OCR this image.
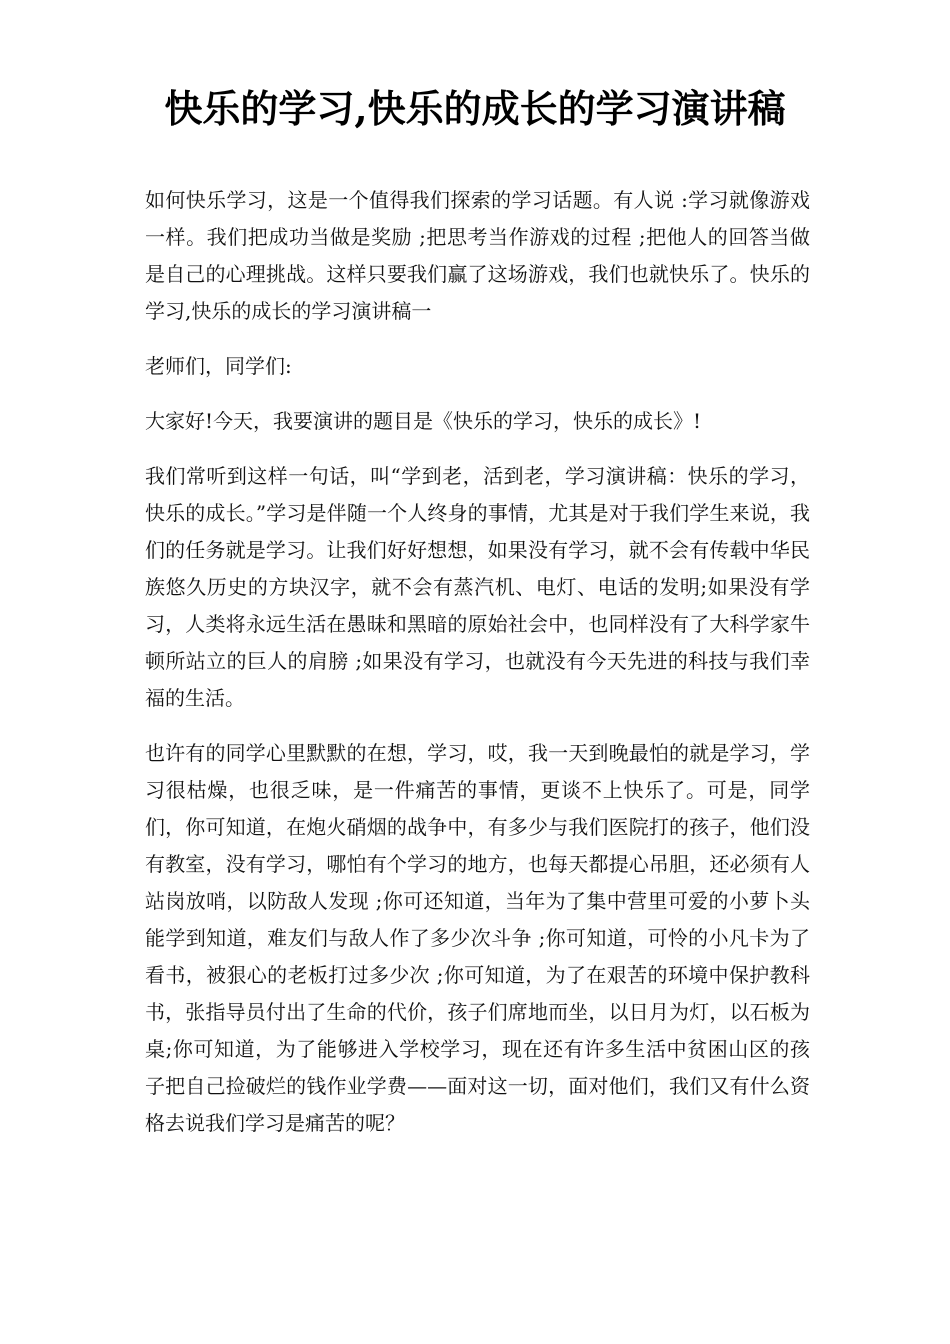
快乐的学习,快乐的成长的学习演讲稿

如何快乐学习，这是一个值得我们探索的学习话题。有人说 :学习就像游戏一样。我们把成功当做是奖励 ;把思考当作游戏的过程 ;把他人的回答当做是自己的心理挑战。这样只要我们赢了这场游戏，我们也就快乐了。快乐的学习,快乐的成长的学习演讲稿一

老师们，同学们:

大家好!今天，我要演讲的题目是《快乐的学习，快乐的成长》!

我们常听到这样一句话，叫“学到老，活到老，学习演讲稿：快乐的学习，快乐的成长。”学习是伴随一个人终身的事情，尤其是对于我们学生来说，我们的任务就是学习。让我们好好想想，如果没有学习，就不会有传载中华民族悠久历史的方块汉字，就不会有蒸汽机、电灯、电话的发明;如果没有学习，人类将永远生活在愚昧和黑暗的原始社会中，也同样没有了大科学家牛顿所站立的巨人的肩膀 ;如果没有学习，也就没有今天先进的科技与我们幸福的生活。

也许有的同学心里默默的在想，学习，哎，我一天到晚最怕的就是学习，学习很枯燥，也很乏味，是一件痛苦的事情，更谈不上快乐了。可是，同学们，你可知道，在炮火硝烟的战争中，有多少与我们医院打的孩子，他们没有教室，没有学习，哪怕有个学习的地方，也每天都提心吊胆，还必须有人站岗放哨，以防敌人发现 ;你可还知道，当年为了集中营里可爱的小萝卜头能学到知道，难友们与敌人作了多少次斗争 ;你可知道，可怜的小凡卡为了看书，被狠心的老板打过多少次 ;你可知道，为了在艰苦的环境中保护教科书，张指导员付出了生命的代价，孩子们席地而坐，以日月为灯，以石板为桌;你可知道，为了能够进入学校学习，现在还有许多生活中贫困山区的孩子把自己捡破烂的钱作业学费——面对这一切，面对他们，我们又有什么资格去说我们学习是痛苦的呢？
